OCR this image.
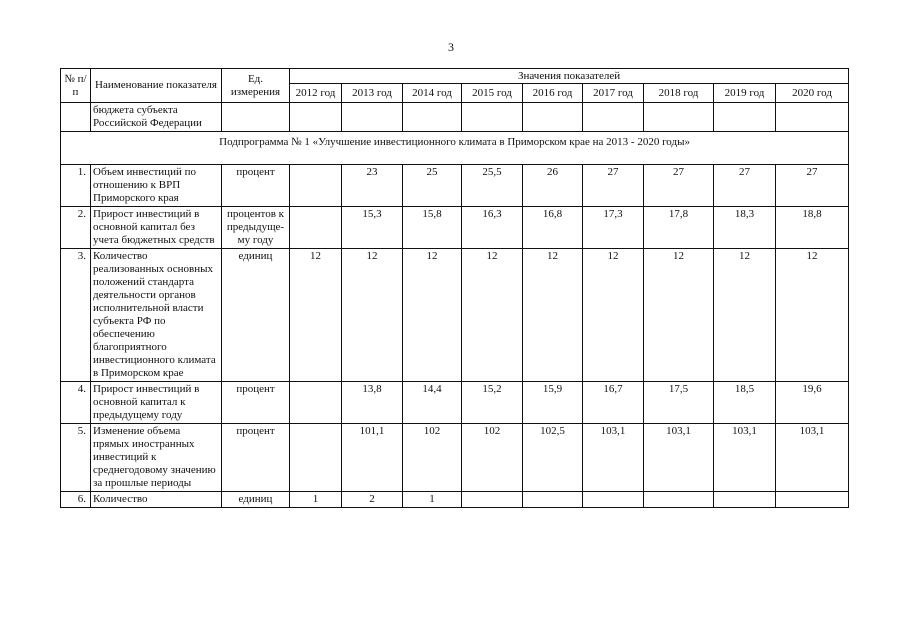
3
№ п/п	Наименование показателя	Ед. измерения	Значения показателей								
			2012 год	2013 год	2014 год	2015 год	2016 год	2017 год	2018 год	2019 год	2020 год
	бюджета субъекта Российской Федерации										
Подпрограмма № 1 «Улучшение инвестиционного климата в Приморском крае на 2013 - 2020 годы»											
1.	Объем инвестиций по отношению к ВРП Приморского края	процент		23	25	25,5	26	27	27	27	27
2.	Прирост инвестиций в основной капитал без учета бюджетных средств	процентов к предыдуще-му году		15,3	15,8	16,3	16,8	17,3	17,8	18,3	18,8
3.	Количество реализованных основных положений стандарта деятельности органов исполнительной власти субъекта РФ по обеспечению благоприятного инвестиционного климата в Приморском крае	единиц	12	12	12	12	12	12	12	12	12
4.	Прирост инвестиций в основной капитал к предыдущему году	процент		13,8	14,4	15,2	15,9	16,7	17,5	18,5	19,6
5.	Изменение объема прямых иностранных инвестиций к среднегодовому значению за прошлые периоды	процент		101,1	102	102	102,5	103,1	103,1	103,1	103,1
6.	Количество	единиц	1	2	1						
